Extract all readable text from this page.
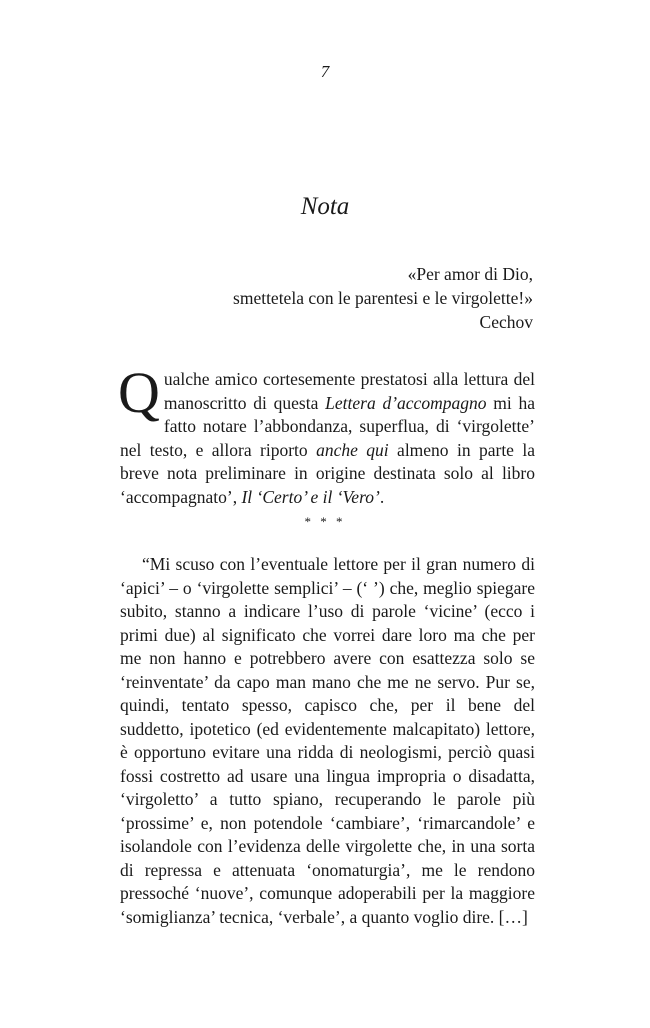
7
Nota
«Per amor di Dio,
smettetela con le parentesi e le virgolette!»
Cechov
Qualche amico cortesemente prestatosi alla lettura del manoscritto di questa Lettera d’accompagno mi ha fatto notare l’abbondanza, superflua, di ‘virgolette’ nel testo, e allora riporto anche qui almeno in parte la breve nota preliminare in origine destinata solo al libro ‘accompagnato’, Il ‘Certo’ e il ‘Vero’.
* * *
“Mi scuso con l’eventuale lettore per il gran numero di ‘apici’ – o ‘virgolette semplici’ – (‘ ’) che, meglio spiegare subito, stanno a indicare l’uso di parole ‘vicine’ (ecco i primi due) al significato che vorrei dare loro ma che per me non hanno e potrebbero avere con esattezza solo se ‘reinventate’ da capo man mano che me ne servo. Pur se, quindi, tentato spesso, capisco che, per il bene del suddetto, ipotetico (ed evidentemente malcapitato) lettore, è opportuno evitare una ridda di neologismi, perciò quasi fossi costretto ad usare una lingua impropria o disadatta, ‘virgoletto’ a tutto spiano, recuperando le parole più ‘prossime’ e, non potendole ‘cambiare’, ‘rimarcandole’ e isolandole con l’evidenza delle virgolette che, in una sorta di repressa e attenuata ‘onomaturgia’, me le rendono pressoché ‘nuove’, comunque adoperabili per la maggiore ‘somiglianza’ tecnica, ‘verbale’, a quanto voglio dire. […]
